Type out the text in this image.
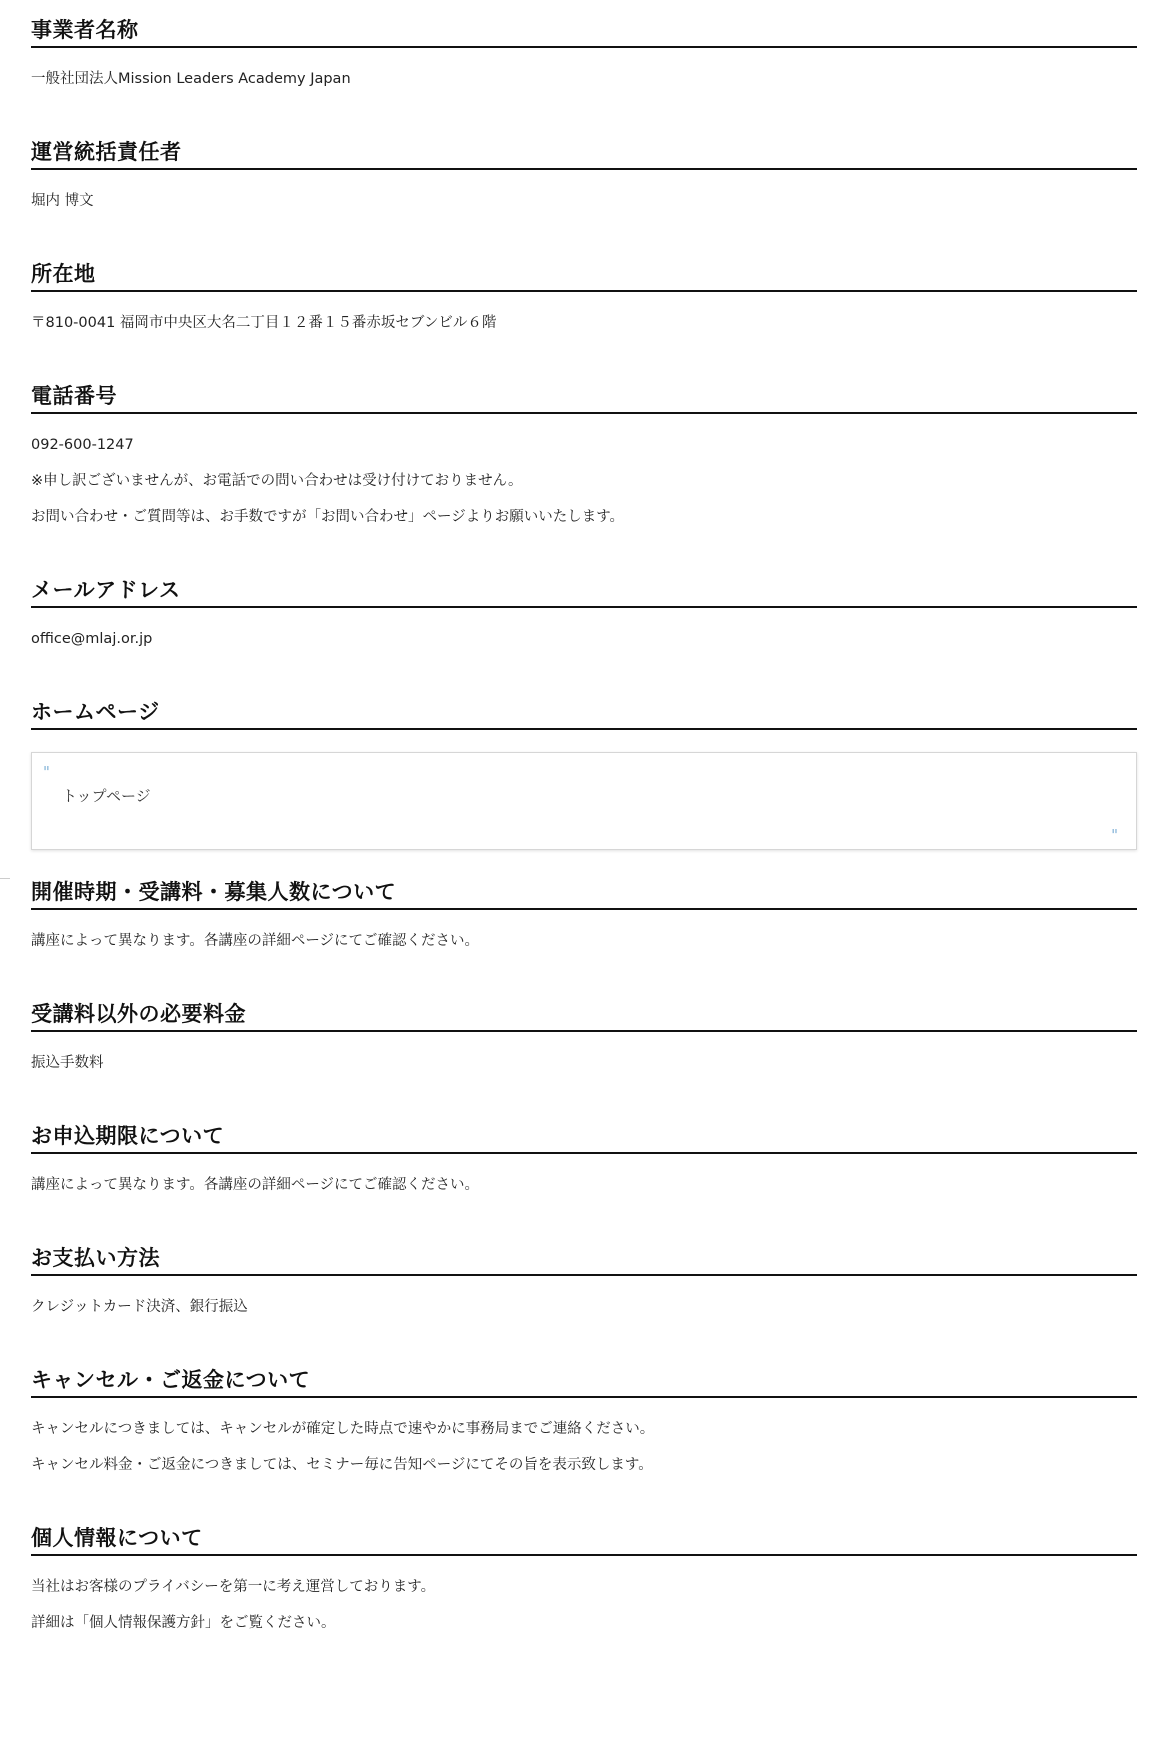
事業者名称

一般社団法人Mission Leaders Academy Japan

運営統括責任者

堀内 博文

所在地

〒810-0041 福岡市中央区大名二丁目１２番１５番赤坂セブンビル６階

電話番号

092-600-1247

※申し訳ございませんが、お電話での問い合わせは受け付けておりません。

お問い合わせ・ご質問等は、お手数ですが「お問い合わせ」ページよりお願いいたします。

メールアドレス

office@mlaj.or.jp

ホームページ
"
トップページ
"
開催時期・受講料・募集人数について

講座によって異なります。各講座の詳細ページにてご確認ください。

受講料以外の必要料金

振込手数料

お申込期限について

講座によって異なります。各講座の詳細ページにてご確認ください。

お支払い方法

クレジットカード決済、銀行振込

キャンセル・ご返金について

キャンセルにつきましては、キャンセルが確定した時点で速やかに事務局までご連絡ください。

キャンセル料金・ご返金につきましては、セミナー毎に告知ページにてその旨を表示致します。

個人情報について

当社はお客様のプライバシーを第一に考え運営しております。

詳細は「個人情報保護方針」をご覧ください。
